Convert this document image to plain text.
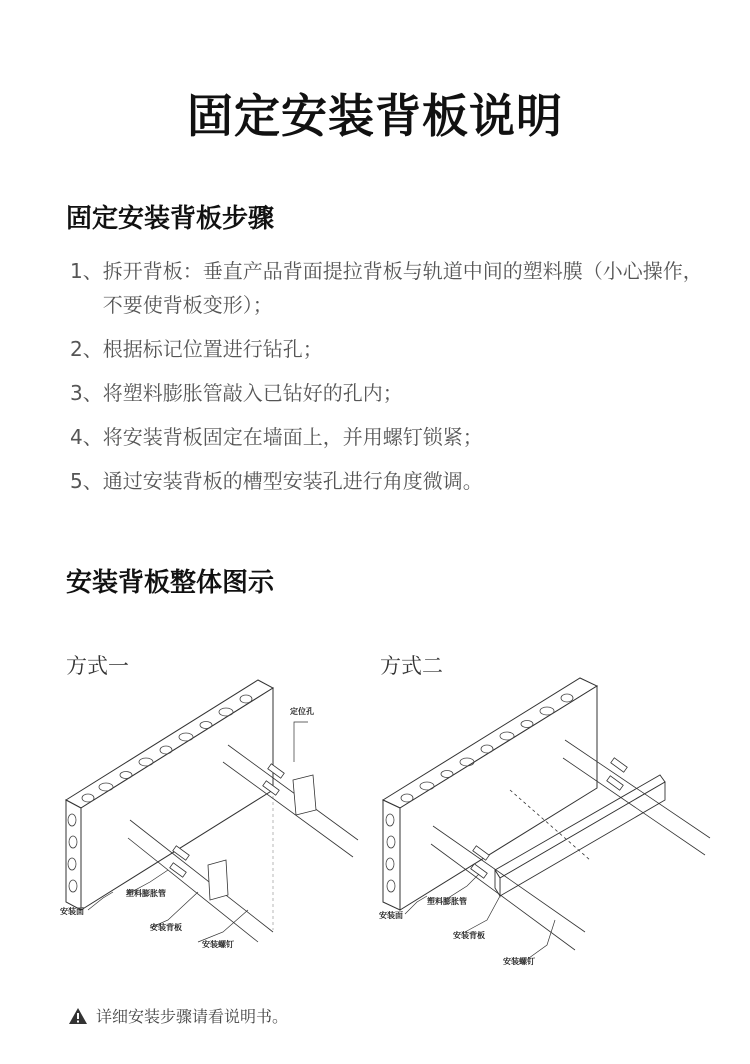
固定安装背板说明
固定安装背板步骤
1、 拆开背板：垂直产品背面提拉背板与轨道中间的塑料膜（小心操作，不要使背板变形）；
2、 根据标记位置进行钻孔；
3、 将塑料膨胀管敲入已钻好的孔内；
4、 将安装背板固定在墙面上，并用螺钉锁紧；
5、 通过安装背板的槽型安装孔进行角度微调。
安装背板整体图示
方式一	方式二
定位孔
安装面
塑料膨胀管
安装背板
安装螺钉
安装面
塑料膨胀管
安装背板
安装螺钉
详细安装步骤请看说明书。
